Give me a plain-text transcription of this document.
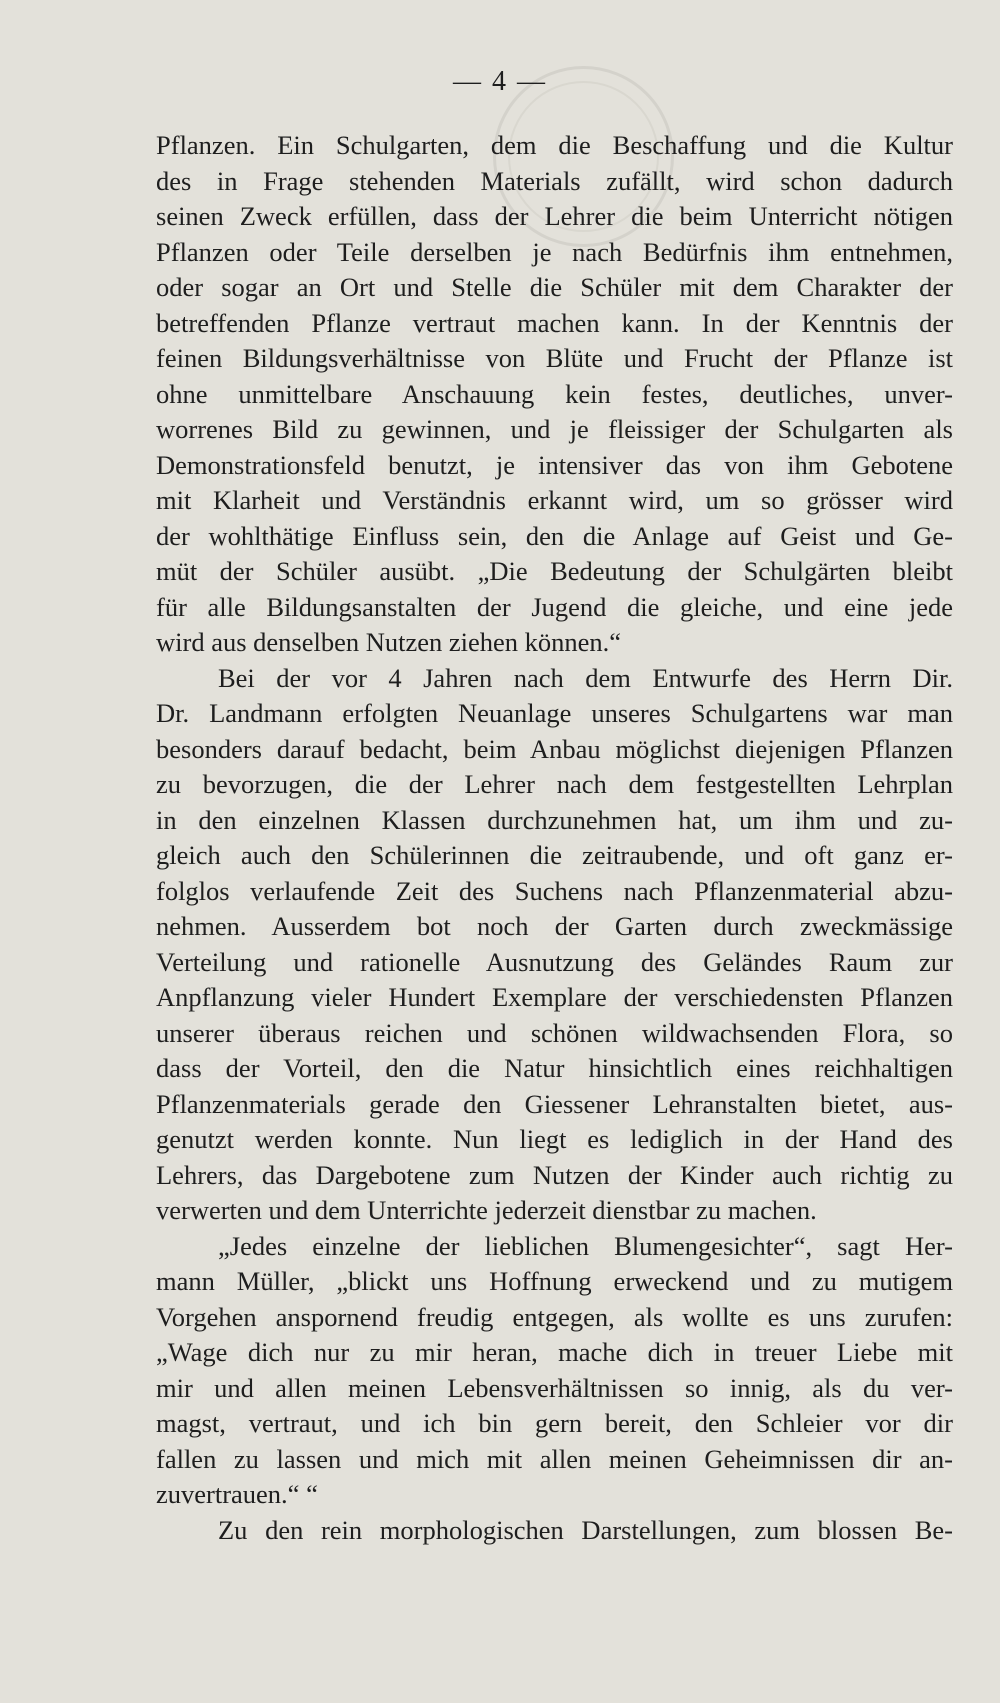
— 4 —
Pflanzen. Ein Schulgarten, dem die Beschaffung und die Kultur
des in Frage stehenden Materials zufällt, wird schon dadurch
seinen Zweck erfüllen, dass der Lehrer die beim Unterricht nötigen
Pflanzen oder Teile derselben je nach Bedürfnis ihm entnehmen,
oder sogar an Ort und Stelle die Schüler mit dem Charakter der
betreffenden Pflanze vertraut machen kann. In der Kenntnis der
feinen Bildungsverhältnisse von Blüte und Frucht der Pflanze ist
ohne unmittelbare Anschauung kein festes, deutliches, unver-
worrenes Bild zu gewinnen, und je fleissiger der Schulgarten als
Demonstrationsfeld benutzt, je intensiver das von ihm Gebotene
mit Klarheit und Verständnis erkannt wird, um so grösser wird
der wohlthätige Einfluss sein, den die Anlage auf Geist und Ge-
müt der Schüler ausübt. „Die Bedeutung der Schulgärten bleibt
für alle Bildungsanstalten der Jugend die gleiche, und eine jede
wird aus denselben Nutzen ziehen können.“
Bei der vor 4 Jahren nach dem Entwurfe des Herrn Dir.
Dr. Landmann erfolgten Neuanlage unseres Schulgartens war man
besonders darauf bedacht, beim Anbau möglichst diejenigen Pflanzen
zu bevorzugen, die der Lehrer nach dem festgestellten Lehrplan
in den einzelnen Klassen durchzunehmen hat, um ihm und zu-
gleich auch den Schülerinnen die zeitraubende, und oft ganz er-
folglos verlaufende Zeit des Suchens nach Pflanzenmaterial abzu-
nehmen. Ausserdem bot noch der Garten durch zweckmässige
Verteilung und rationelle Ausnutzung des Geländes Raum zur
Anpflanzung vieler Hundert Exemplare der verschiedensten Pflanzen
unserer überaus reichen und schönen wildwachsenden Flora, so
dass der Vorteil, den die Natur hinsichtlich eines reichhaltigen
Pflanzenmaterials gerade den Giessener Lehranstalten bietet, aus-
genutzt werden konnte. Nun liegt es lediglich in der Hand des
Lehrers, das Dargebotene zum Nutzen der Kinder auch richtig zu
verwerten und dem Unterrichte jederzeit dienstbar zu machen.
„Jedes einzelne der lieblichen Blumengesichter“, sagt Her-
mann Müller, „blickt uns Hoffnung erweckend und zu mutigem
Vorgehen anspornend freudig entgegen, als wollte es uns zurufen:
„Wage dich nur zu mir heran, mache dich in treuer Liebe mit
mir und allen meinen Lebensverhältnissen so innig, als du ver-
magst, vertraut, und ich bin gern bereit, den Schleier vor dir
fallen zu lassen und mich mit allen meinen Geheimnissen dir an-
zuvertrauen.“ “
Zu den rein morphologischen Darstellungen, zum blossen Be-
